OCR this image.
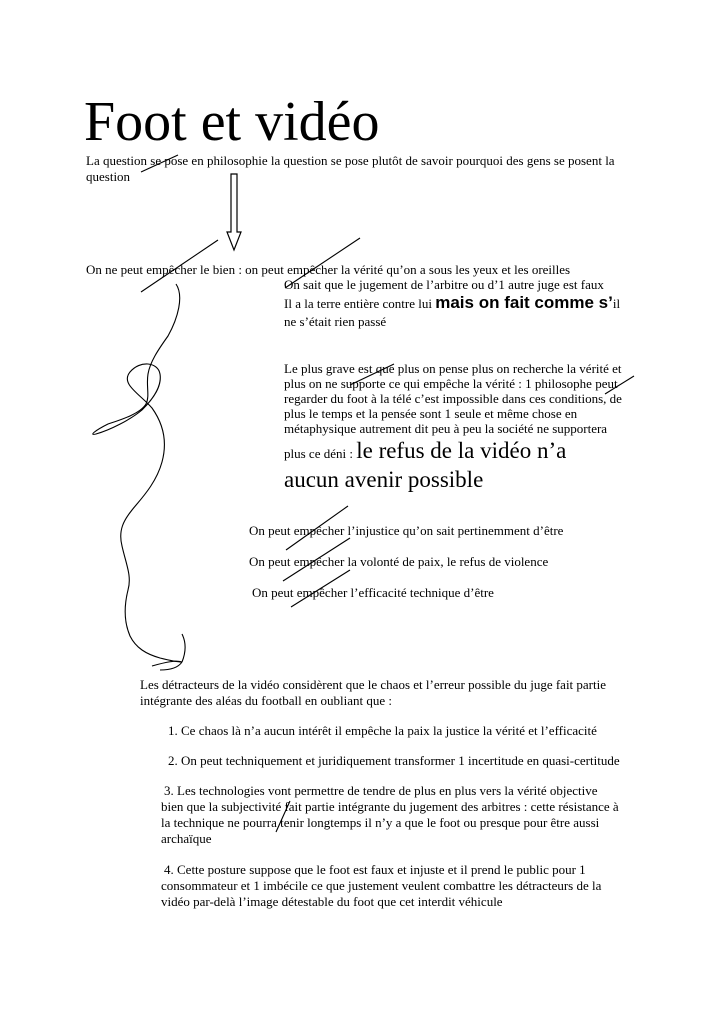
Foot et vidéo
La question se pose en philosophie la question se pose plutôt de savoir pourquoi des gens se posent la
question
On ne peut empêcher le bien : on peut empêcher la vérité qu’on a sous les yeux et les oreilles
On sait que le jugement de l’arbitre ou d’1 autre juge est faux
Il a la terre entière contre lui mais on fait comme s’il
ne s’était rien passé
Le plus grave est que plus on pense plus on recherche la vérité et
plus on ne supporte ce qui empêche la vérité : 1 philosophe peut
regarder du foot à la télé c’est impossible dans ces conditions, de
plus le temps et la pensée sont 1 seule et même chose en
métaphysique autrement dit peu à peu la société ne supportera
plus ce déni : le refus de la vidéo n’a
aucun avenir possible
On peut empêcher l’injustice qu’on sait pertinemment d’être
On peut empêcher la volonté de paix, le refus de violence
On peut empêcher l’efficacité technique d’être
Les détracteurs de la vidéo considèrent que le chaos et l’erreur possible du juge fait partie
intégrante des aléas du football en oubliant que :
1. Ce chaos là n’a aucun intérêt il empêche la paix la justice la vérité et l’efficacité
2. On peut techniquement et juridiquement transformer 1 incertitude en quasi-certitude
3. Les technologies vont permettre de tendre de plus en plus vers la vérité objective
bien que la subjectivité fait partie intégrante du jugement des arbitres : cette résistance à
la technique ne pourra tenir longtemps il n’y a que le foot ou presque pour être aussi
archaïque
4. Cette posture suppose que le foot est faux et injuste et il prend le public pour 1
consommateur et 1 imbécile ce que justement veulent combattre les détracteurs de la
vidéo par-delà l’image détestable du foot que cet interdit véhicule
